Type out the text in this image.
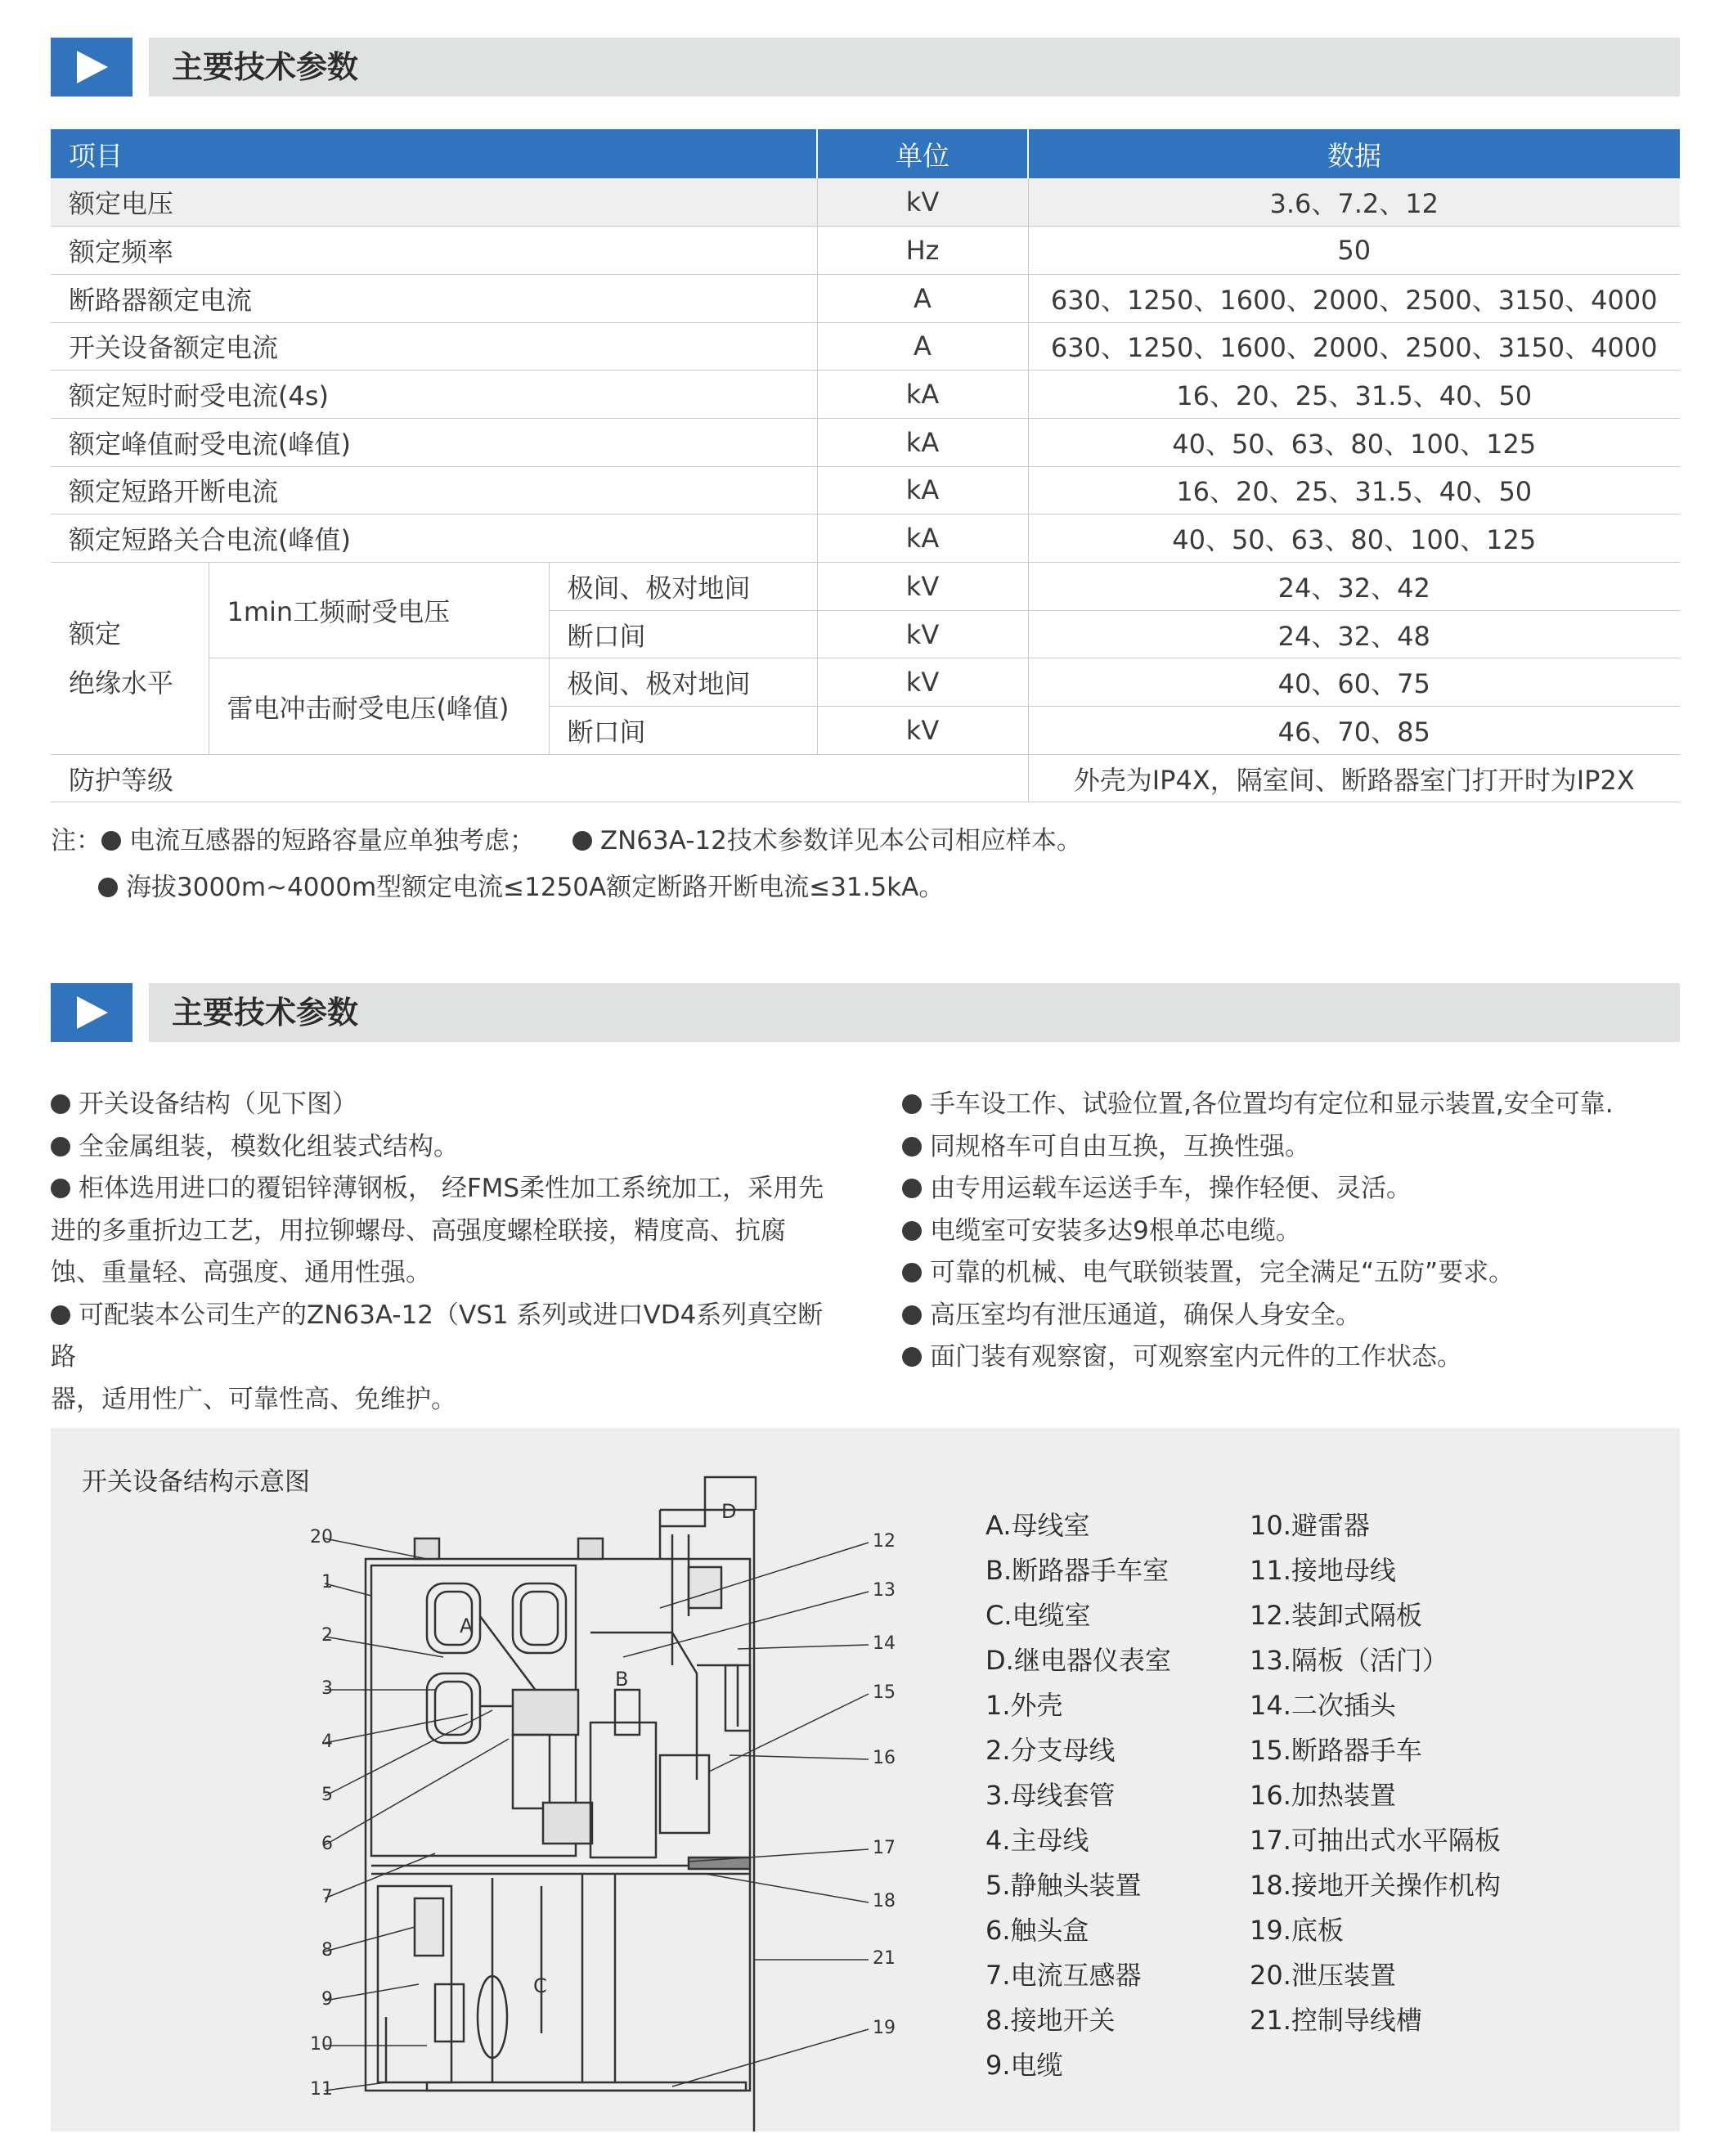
主要技术参数
项目			单位	数据
额定电压			kV	3.6、7.2、12
额定频率			Hz	50
断路器额定电流			A	630、1250、1600、2000、2500、3150、4000
开关设备额定电流			A	630、1250、1600、2000、2500、3150、4000
额定短时耐受电流(4s)			kA	16、20、25、31.5、40、50
额定峰值耐受电流(峰值)			kA	40、50、63、80、100、125
额定短路开断电流			kA	16、20、25、31.5、40、50
额定短路关合电流(峰值)			kA	40、50、63、80、100、125

额定
绝缘水平	1min工频耐受电压	极间、极对地间	kV	24、32、42
		断口间	kV	24、32、48
	雷电冲击耐受电压(峰值)	极间、极对地间	kV	40、60、75
		断口间	kV	46、70、85
防护等级				外壳为IP4X，隔室间、断路器室门打开时为IP2X
注： 电流互感器的短路容量应单独考虑；	ZN63A-12技术参数详见本公司相应样本。
海拔3000m~4000m型额定电流≤1250A额定断路开断电流≤31.5kA。
主要技术参数
开关设备结构（见下图）
全金属组装，模数化组装式结构。
柜体选用进口的覆铝锌薄钢板， 经FMS柔性加工系统加工，采用先
进的多重折边工艺，用拉铆螺母、高强度螺栓联接，精度高、抗腐
蚀、重量轻、高强度、通用性强。
可配装本公司生产的ZN63A-12（VS1 系列或进口VD4系列真空断路
器，适用性广、可靠性高、免维护。
手车设工作、试验位置,各位置均有定位和显示装置,安全可靠.
同规格车可自由互换，互换性强。
由专用运载车运送手车，操作轻便、灵活。
电缆室可安装多达9根单芯电缆。
可靠的机械、电气联锁装置，完全满足“五防”要求。
高压室均有泄压通道，确保人身安全。
面门装有观察窗，可观察室内元件的工作状态。
开关设备结构示意图
A
B
C
D
20
1
2
3
4
5
6
7
8
9
10
11
12
13
14
15
16
17
18
21
19
A.母线室
B.断路器手车室
C.电缆室
D.继电器仪表室
1.外壳
2.分支母线
3.母线套管
4.主母线
5.静触头装置
6.触头盒
7.电流互感器
8.接地开关
9.电缆
10.避雷器
11.接地母线
12.装卸式隔板
13.隔板（活门）
14.二次插头
15.断路器手车
16.加热装置
17.可抽出式水平隔板
18.接地开关操作机构
19.底板
20.泄压装置
21.控制导线槽
